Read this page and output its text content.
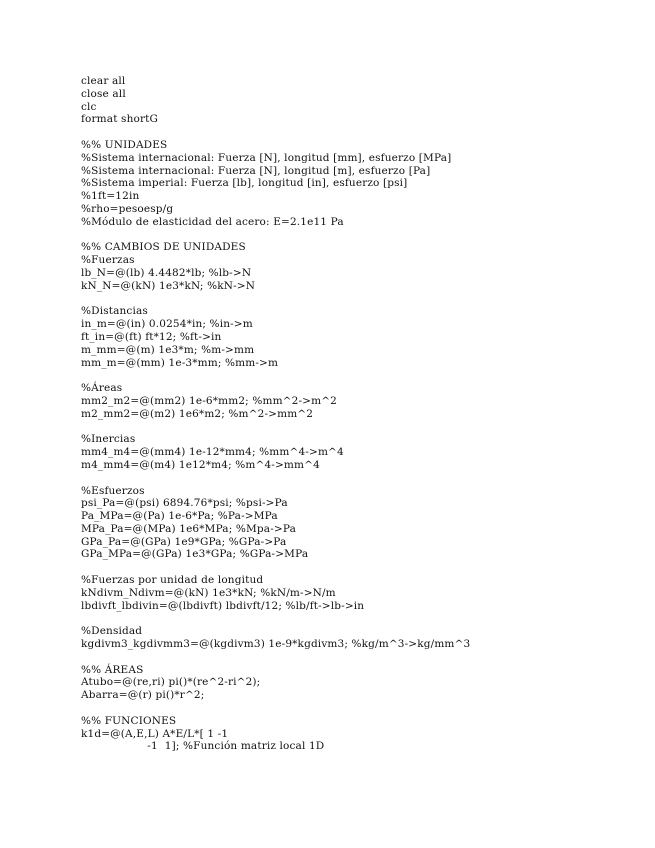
clear all
close all
clc
format shortG
%% UNIDADES
%Sistema internacional: Fuerza [N], longitud [mm], esfuerzo [MPa]
%Sistema internacional: Fuerza [N], longitud [m], esfuerzo [Pa]
%Sistema imperial: Fuerza [lb], longitud [in], esfuerzo [psi]
%1ft=12in
%rho=pesoesp/g
%Módulo de elasticidad del acero: E=2.1e11 Pa
%% CAMBIOS DE UNIDADES
%Fuerzas
lb_N=@(lb) 4.4482*lb; %lb->N
kN_N=@(kN) 1e3*kN; %kN->N
%Distancias
in_m=@(in) 0.0254*in; %in->m
ft_in=@(ft) ft*12; %ft->in
m_mm=@(m) 1e3*m; %m->mm
mm_m=@(mm) 1e-3*mm; %mm->m
%Áreas
mm2_m2=@(mm2) 1e-6*mm2; %mm^2->m^2
m2_mm2=@(m2) 1e6*m2; %m^2->mm^2
%Inercias
mm4_m4=@(mm4) 1e-12*mm4; %mm^4->m^4
m4_mm4=@(m4) 1e12*m4; %m^4->mm^4
%Esfuerzos
psi_Pa=@(psi) 6894.76*psi; %psi->Pa
Pa_MPa=@(Pa) 1e-6*Pa; %Pa->MPa
MPa_Pa=@(MPa) 1e6*MPa; %Mpa->Pa
GPa_Pa=@(GPa) 1e9*GPa; %GPa->Pa
GPa_MPa=@(GPa) 1e3*GPa; %GPa->MPa
%Fuerzas por unidad de longitud
kNdivm_Ndivm=@(kN) 1e3*kN; %kN/m->N/m
lbdivft_lbdivin=@(lbdivft) lbdivft/12; %lb/ft->lb->in
%Densidad
kgdivm3_kgdivmm3=@(kgdivm3) 1e-9*kgdivm3; %kg/m^3->kg/mm^3
%% ÁREAS
Atubo=@(re,ri) pi()*(re^2-ri^2);
Abarra=@(r) pi()*r^2;
%% FUNCIONES
k1d=@(A,E,L) A*E/L*[ 1 -1
-1  1]; %Función matriz local 1D
